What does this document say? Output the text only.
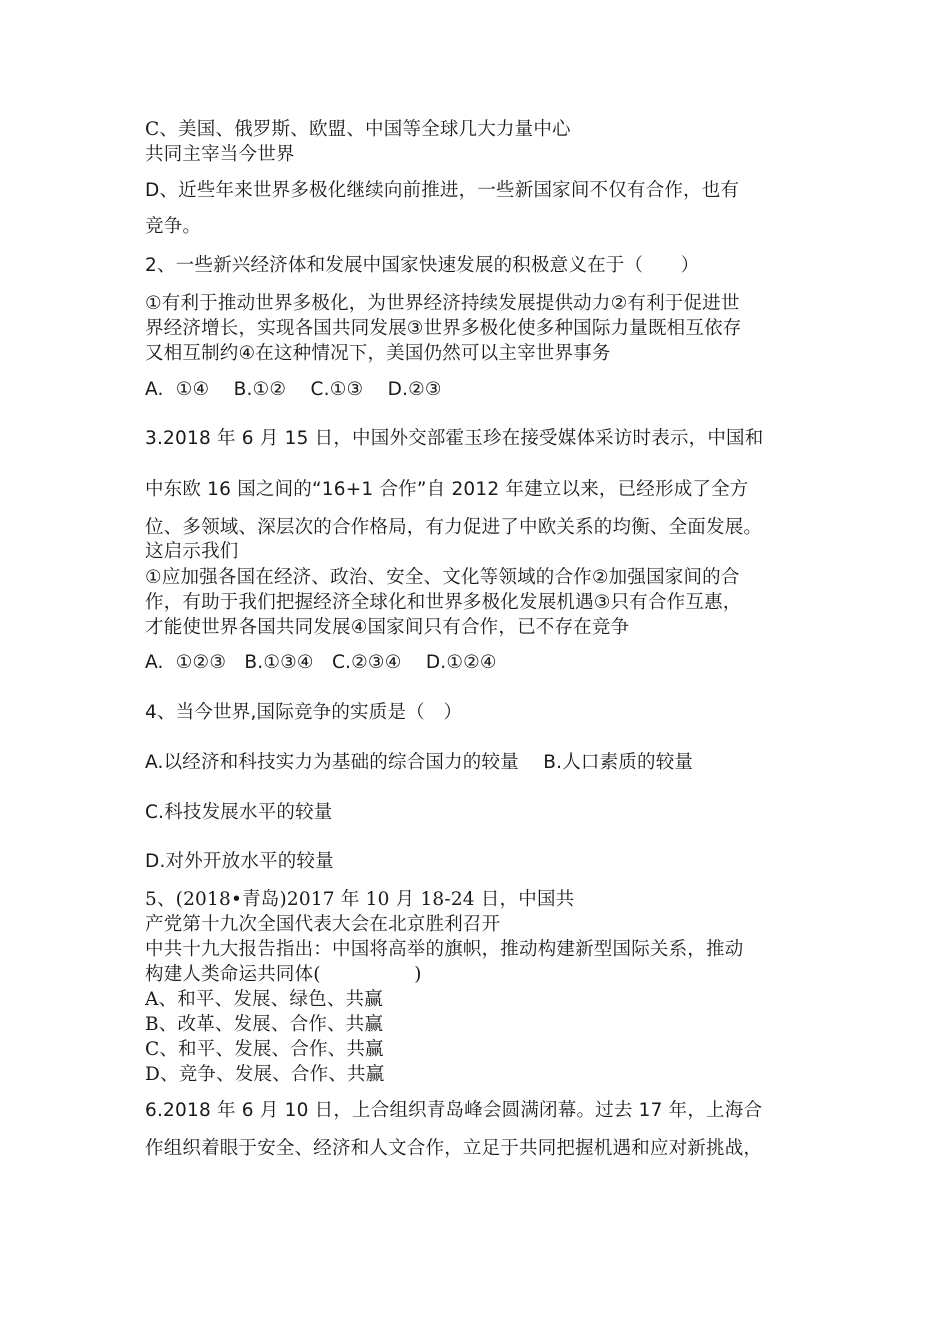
C、美国、俄罗斯、欧盟、中国等全球几大力量中心
共同主宰当今世界
D、近些年来世界多极化继续向前推进，一些新国家间不仅有合作，也有
竞争。
2、一些新兴经济体和发展中国家快速发展的积极意义在于（　　）
①有利于推动世界多极化，为世界经济持续发展提供动力②有利于促进世
界经济增长，实现各国共同发展③世界多极化使多种国际力量既相互依存
又相互制约④在这种情况下，美国仍然可以主宰世界事务
A.  ①④    B.①②    C.①③    D.②③
3.2018 年 6 月 15 日，中国外交部霍玉珍在接受媒体采访时表示，中国和
中东欧 16 国之间的“16+1 合作”自 2012 年建立以来，已经形成了全方
位、多领域、深层次的合作格局，有力促进了中欧关系的均衡、全面发展。
这启示我们
①应加强各国在经济、政治、安全、文化等领域的合作②加强国家间的合
作，有助于我们把握经济全球化和世界多极化发展机遇③只有合作互惠，
才能使世界各国共同发展④国家间只有合作，已不存在竞争
A.  ①②③   B.①③④   C.②③④    D.①②④
4、当今世界,国际竞争的实质是（　）
A.以经济和科技实力为基础的综合国力的较量    B.人口素质的较量
C.科技发展水平的较量
D.对外开放水平的较量
5、(2018•青岛)2017 年 10 月 18-24 日，中国共
产党第十九次全国代表大会在北京胜利召开
中共十九大报告指出：中国将高举的旗帜，推动构建新型国际关系，推动
构建人类命运共同体(　　　　　)
A、和平、发展、绿色、共赢
B、改革、发展、合作、共赢
C、和平、发展、合作、共赢
D、竞争、发展、合作、共赢
6.2018 年 6 月 10 日，上合组织青岛峰会圆满闭幕。过去 17 年，上海合
作组织着眼于安全、经济和人文合作，立足于共同把握机遇和应对新挑战，
